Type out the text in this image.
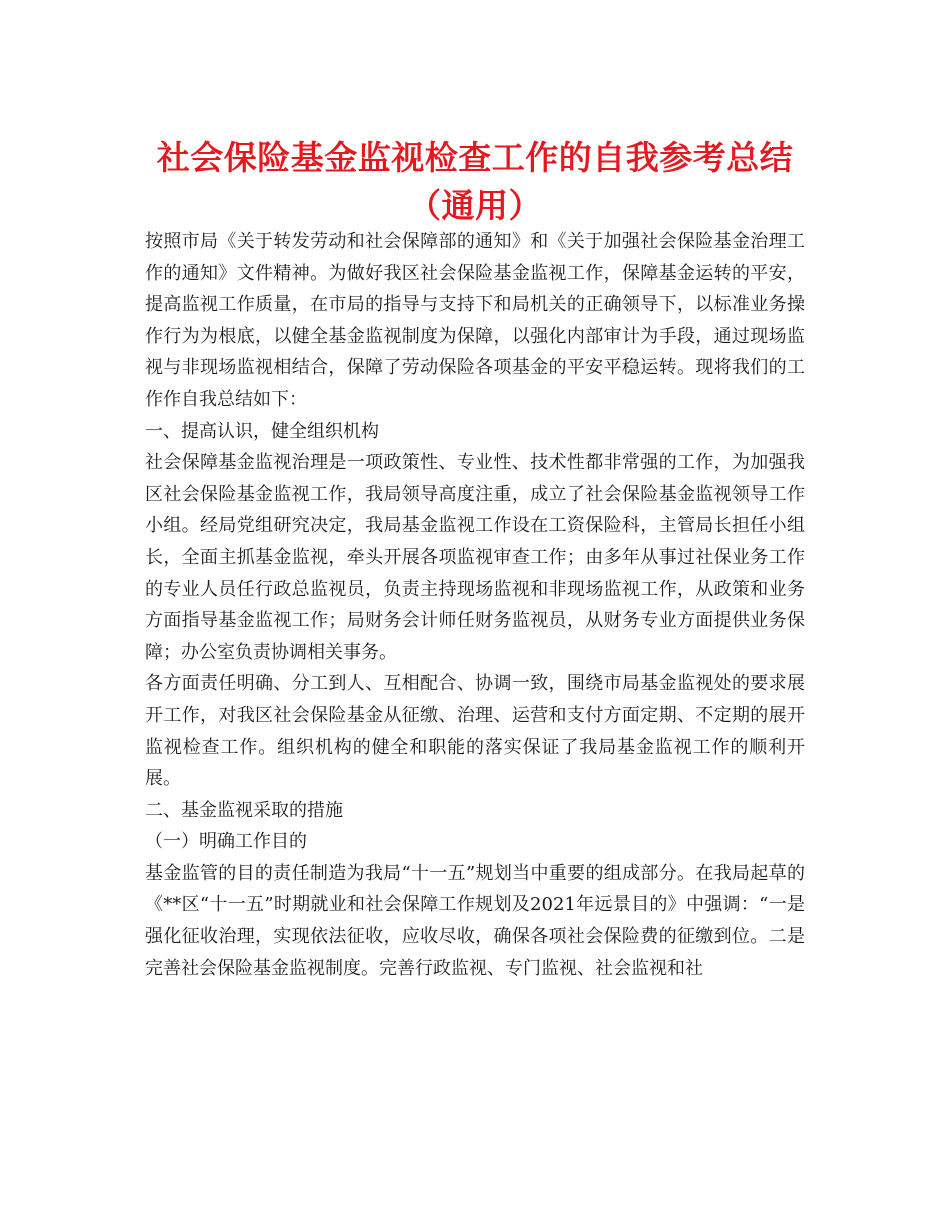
社会保险基金监视检查工作的自我参考总结（通用）

按照市局《关于转发劳动和社会保障部的通知》和《关于加强社会保险基金治理工作的通知》文件精神。为做好我区社会保险基金监视工作，保障基金运转的平安，提高监视工作质量，在市局的指导与支持下和局机关的正确领导下，以标准业务操作行为为根底，以健全基金监视制度为保障，以强化内部审计为手段，通过现场监视与非现场监视相结合，保障了劳动保险各项基金的平安平稳运转。现将我们的工作作自我总结如下：

一、提高认识，健全组织机构

社会保障基金监视治理是一项政策性、专业性、技术性都非常强的工作，为加强我区社会保险基金监视工作，我局领导高度注重，成立了社会保险基金监视领导工作小组。经局党组研究决定，我局基金监视工作设在工资保险科，主管局长担任小组长，全面主抓基金监视，牵头开展各项监视审查工作；由多年从事过社保业务工作的专业人员任行政总监视员，负责主持现场监视和非现场监视工作，从政策和业务方面指导基金监视工作；局财务会计师任财务监视员，从财务专业方面提供业务保障；办公室负责协调相关事务。

各方面责任明确、分工到人、互相配合、协调一致，围绕市局基金监视处的要求展开工作，对我区社会保险基金从征缴、治理、运营和支付方面定期、不定期的展开监视检查工作。组织机构的健全和职能的落实保证了我局基金监视工作的顺利开展。

二、基金监视采取的措施

（一）明确工作目的

基金监管的目的责任制造为我局“十一五”规划当中重要的组成部分。在我局起草的《**区“十一五”时期就业和社会保障工作规划及2021年远景目的》中强调：“一是强化征收治理，实现依法征收，应收尽收，确保各项社会保险费的征缴到位。二是完善社会保险基金监视制度。完善行政监视、专门监视、社会监视和社
